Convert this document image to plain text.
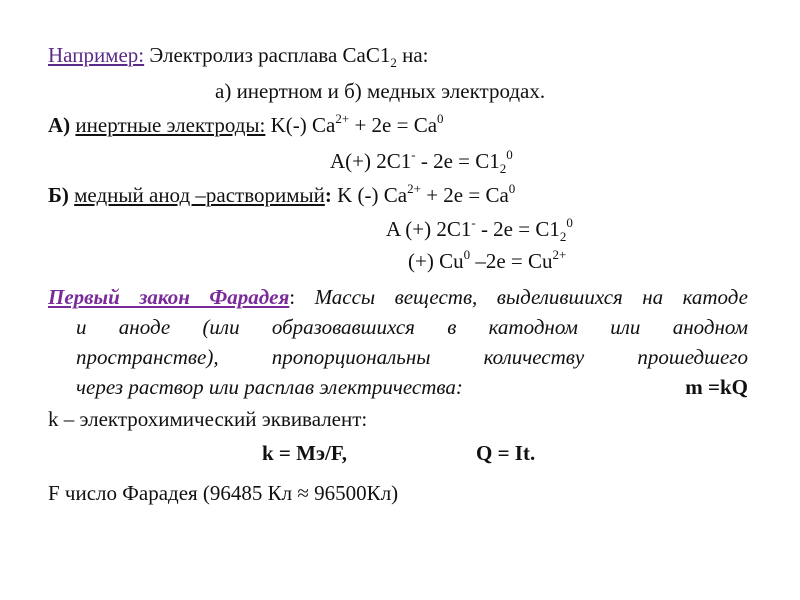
Например: Электролиз расплава $CaC1_2$ на:
а) инертном и б) медных электродах.
А) инертные электроды: K(-) $Ca^{2+} + 2e = Ca^0$
A(+) $2C1^- - 2e = C1_2^0$
Б) медный анод –растворимый: K (-) $Ca^{2+} + 2e = Ca^0$
A (+) $2C1^- - 2e = C1_2^0$
(+) Cu$^0$ $-2e = Cu^{2+}$
Первый закон Фарадея: Массы веществ, выделившихся на катоде
и аноде (или образовавшихся в катодном или анодном
пространстве), пропорциональны количеству прошедшего
через раствор или расплав электричества:	m =kQ
k – электрохимический эквивалент:
k = Mэ/F,	Q = It.
F число Фарадея (96485 Кл ≈ 96500Кл)
